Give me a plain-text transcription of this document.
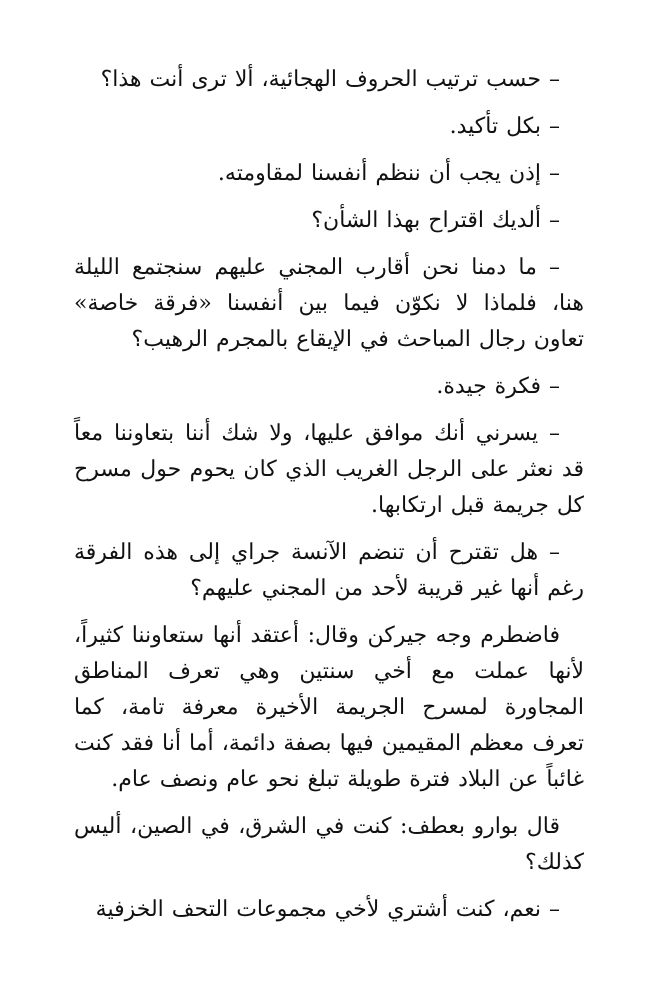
– حسب ترتيب الحروف الهجائية، ألا ترى أنت هذا؟

– بكل تأكيد.

– إذن يجب أن ننظم أنفسنا لمقاومته.

– ألديك اقتراح بهذا الشأن؟

– ما دمنا نحن أقارب المجني عليهم سنجتمع الليلة هنا، فلماذا لا نكوّن فيما بين أنفسنا «فرقة خاصة» تعاون رجال المباحث في الإيقاع بالمجرم الرهيب؟

– فكرة جيدة.

– يسرني أنك موافق عليها، ولا شك أننا بتعاوننا معاً قد نعثر على الرجل الغريب الذي كان يحوم حول مسرح كل جريمة قبل ارتكابها.

– هل تقترح أن تنضم الآنسة جراي إلى هذه الفرقة رغم أنها غير قريبة لأحد من المجني عليهم؟

فاضطرم وجه جيركن وقال: أعتقد أنها ستعاوننا كثيراً، لأنها عملت مع أخي سنتين وهي تعرف المناطق المجاورة لمسرح الجريمة الأخيرة معرفة تامة، كما تعرف معظم المقيمين فيها بصفة دائمة، أما أنا فقد كنت غائباً عن البلاد فترة طويلة تبلغ نحو عام ونصف عام.

قال بوارو بعطف: كنت في الشرق، في الصين، أليس كذلك؟

– نعم، كنت أشتري لأخي مجموعات التحف الخزفية
